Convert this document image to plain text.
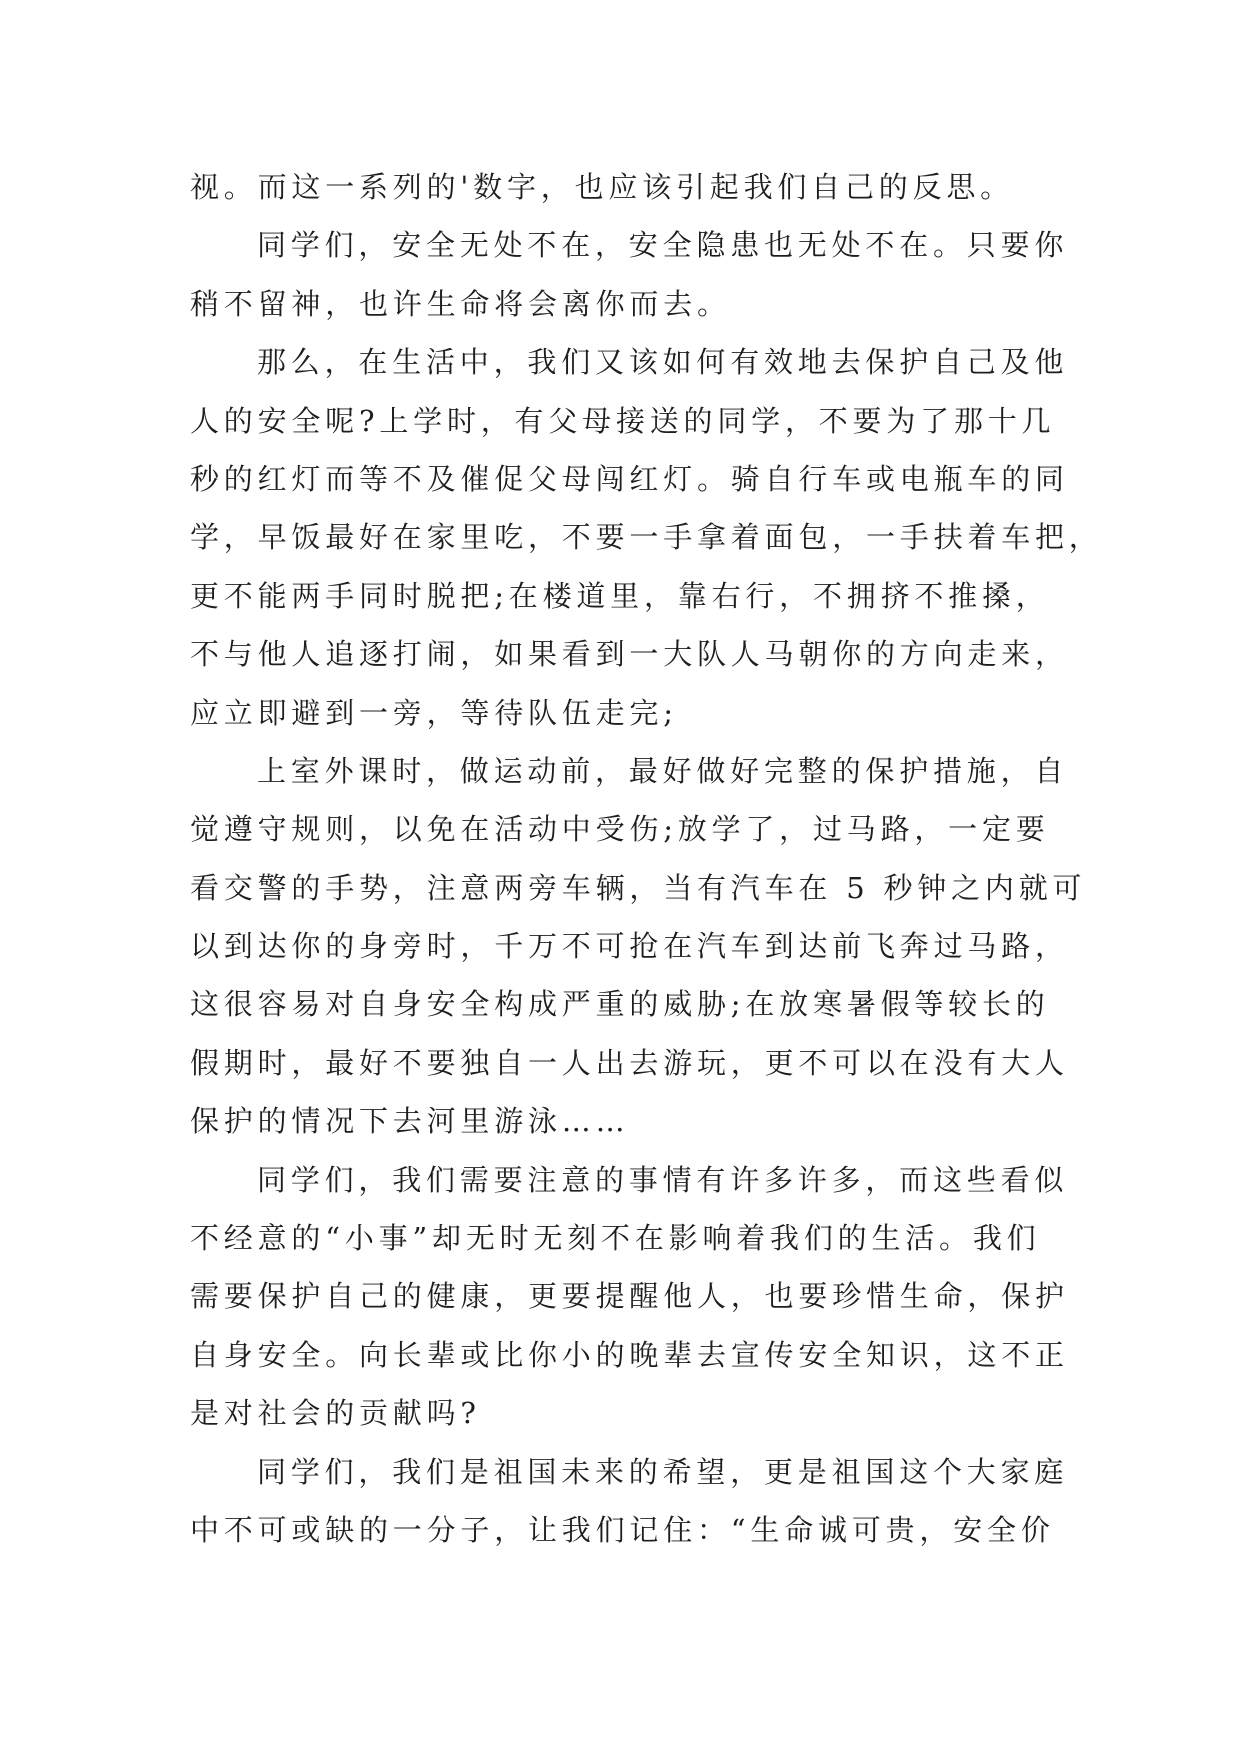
视。而这一系列的'数字，也应该引起我们自己的反思。
同学们，安全无处不在，安全隐患也无处不在。只要你
稍不留神，也许生命将会离你而去。
那么，在生活中，我们又该如何有效地去保护自己及他
人的安全呢?上学时，有父母接送的同学，不要为了那十几
秒的红灯而等不及催促父母闯红灯。骑自行车或电瓶车的同
学，早饭最好在家里吃，不要一手拿着面包，一手扶着车把，
更不能两手同时脱把;在楼道里，靠右行，不拥挤不推搡，
不与他人追逐打闹，如果看到一大队人马朝你的方向走来，
应立即避到一旁，等待队伍走完;
上室外课时，做运动前，最好做好完整的保护措施，自
觉遵守规则，以免在活动中受伤;放学了，过马路，一定要
看交警的手势，注意两旁车辆，当有汽车在 5 秒钟之内就可
以到达你的身旁时，千万不可抢在汽车到达前飞奔过马路，
这很容易对自身安全构成严重的威胁;在放寒暑假等较长的
假期时，最好不要独自一人出去游玩，更不可以在没有大人
保护的情况下去河里游泳……
同学们，我们需要注意的事情有许多许多，而这些看似
不经意的“小事”却无时无刻不在影响着我们的生活。我们
需要保护自己的健康，更要提醒他人，也要珍惜生命，保护
自身安全。向长辈或比你小的晚辈去宣传安全知识，这不正
是对社会的贡献吗?
同学们，我们是祖国未来的希望，更是祖国这个大家庭
中不可或缺的一分子，让我们记住：“生命诚可贵，安全价
